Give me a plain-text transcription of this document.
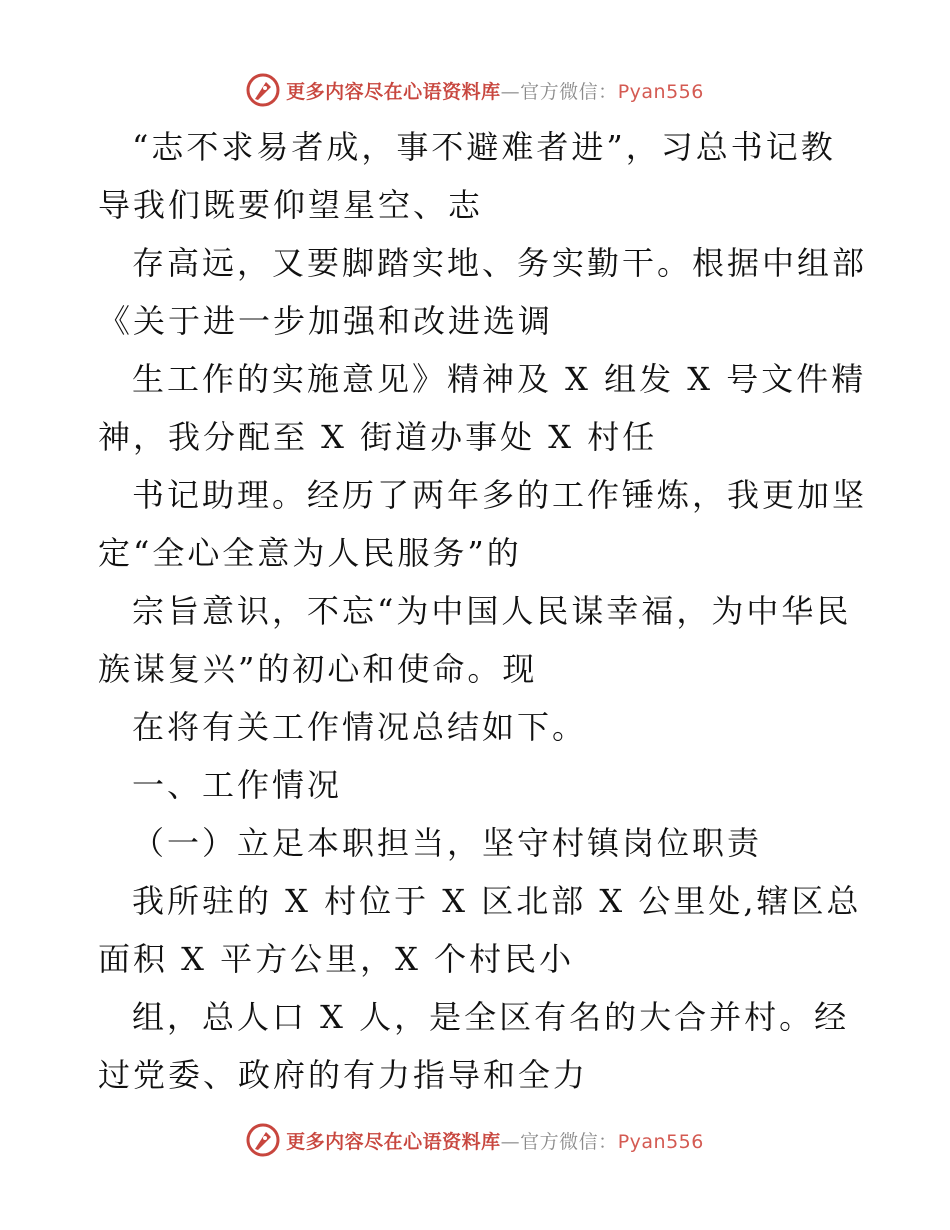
更多内容尽在心语资料库—官方微信：Pyan556
“志不求易者成，事不避难者进”，习总书记教
导我们既要仰望星空、志
存高远，又要脚踏实地、务实勤干。根据中组部
《关于进一步加强和改进选调
生工作的实施意见》精神及 X 组发 X 号文件精
神，我分配至 X 街道办事处 X 村任
书记助理。经历了两年多的工作锤炼，我更加坚
定“全心全意为人民服务”的
宗旨意识，不忘“为中国人民谋幸福，为中华民
族谋复兴”的初心和使命。现
在将有关工作情况总结如下。
一、工作情况
（一）立足本职担当，坚守村镇岗位职责
我所驻的 X 村位于 X 区北部 X 公里处,辖区总
面积 X 平方公里，X 个村民小
组，总人口 X 人，是全区有名的大合并村。经
过党委、政府的有力指导和全力
更多内容尽在心语资料库—官方微信：Pyan556
